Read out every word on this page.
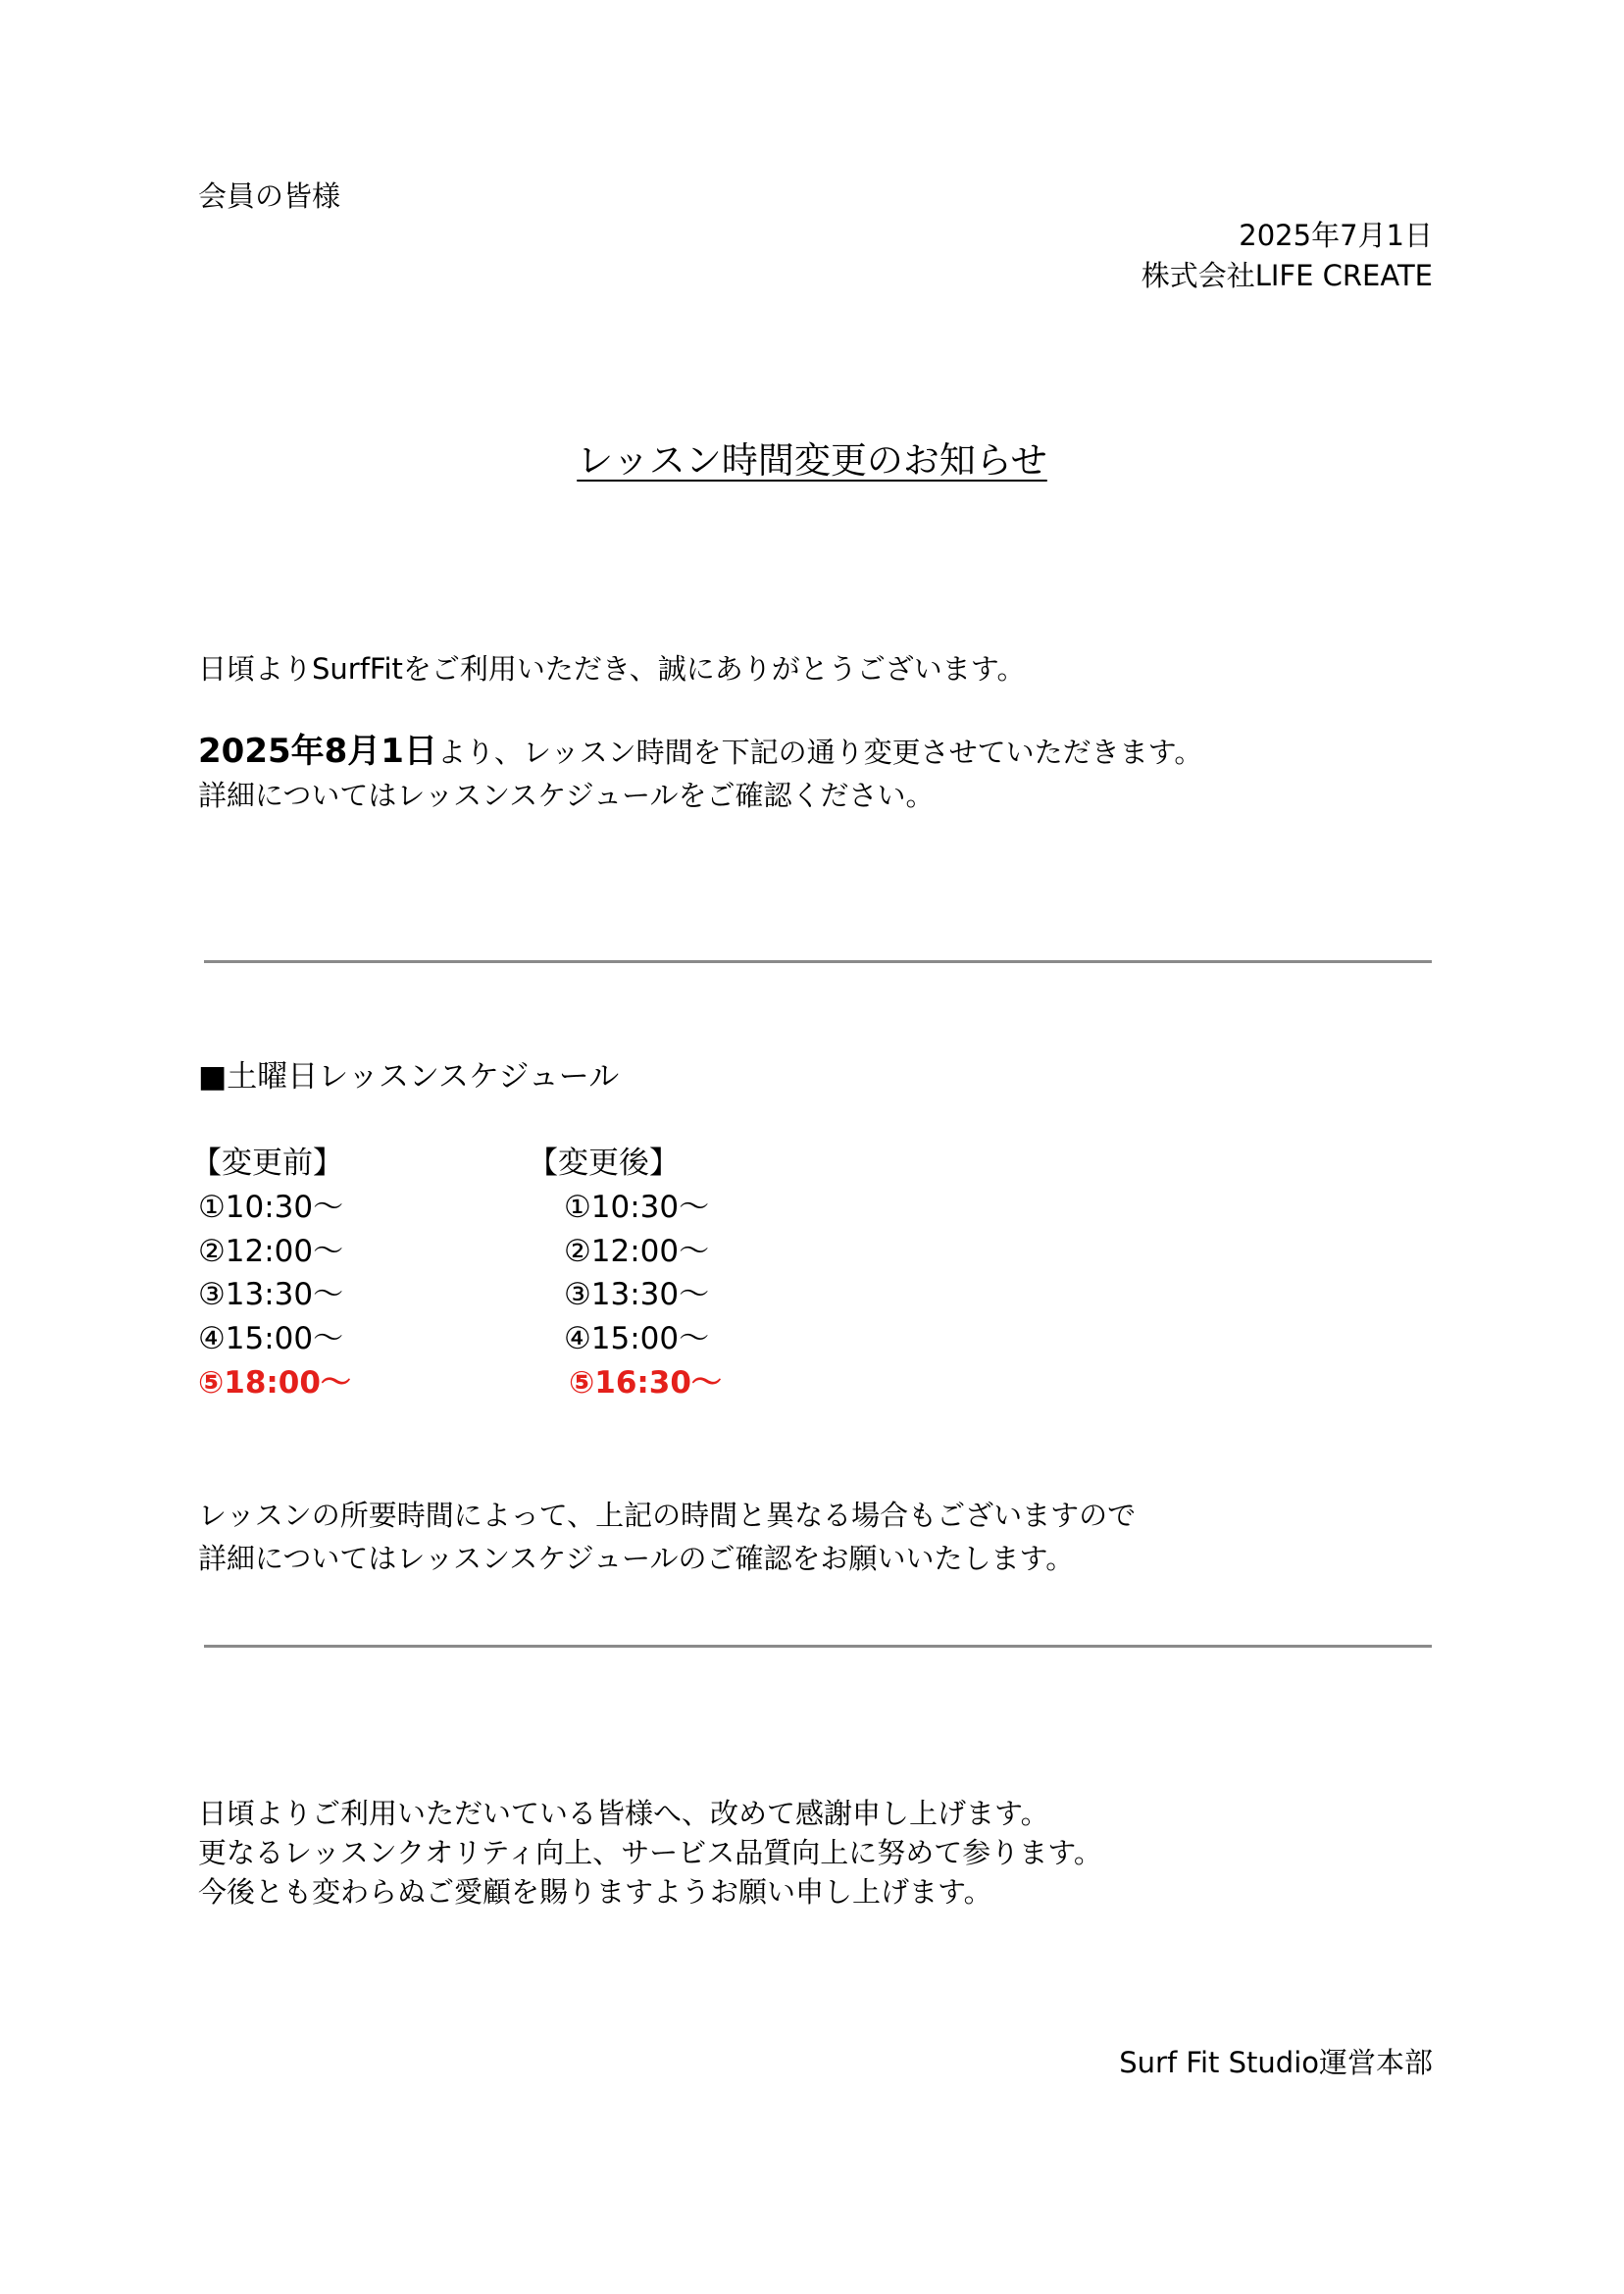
会員の皆様
2025年7月1日
株式会社LIFE CREATE
レッスン時間変更のお知らせ
日頃よりSurfFitをご利用いただき、誠にありがとうございます。
2025年8月1日より、レッスン時間を下記の通り変更させていただきます。
詳細についてはレッスンスケジュールをご確認ください。
■土曜日レッスンスケジュール
【変更前】	【変更後】
①10:30～
②12:00～
③13:30～
④15:00～
⑤18:00～
①10:30～
②12:00～
③13:30～
④15:00～
⑤16:30～
レッスンの所要時間によって、上記の時間と異なる場合もございますので
詳細についてはレッスンスケジュールのご確認をお願いいたします。
日頃よりご利用いただいている皆様へ、改めて感謝申し上げます。
更なるレッスンクオリティ向上、サービス品質向上に努めて参ります。
今後とも変わらぬご愛顧を賜りますようお願い申し上げます。
Surf Fit Studio運営本部
